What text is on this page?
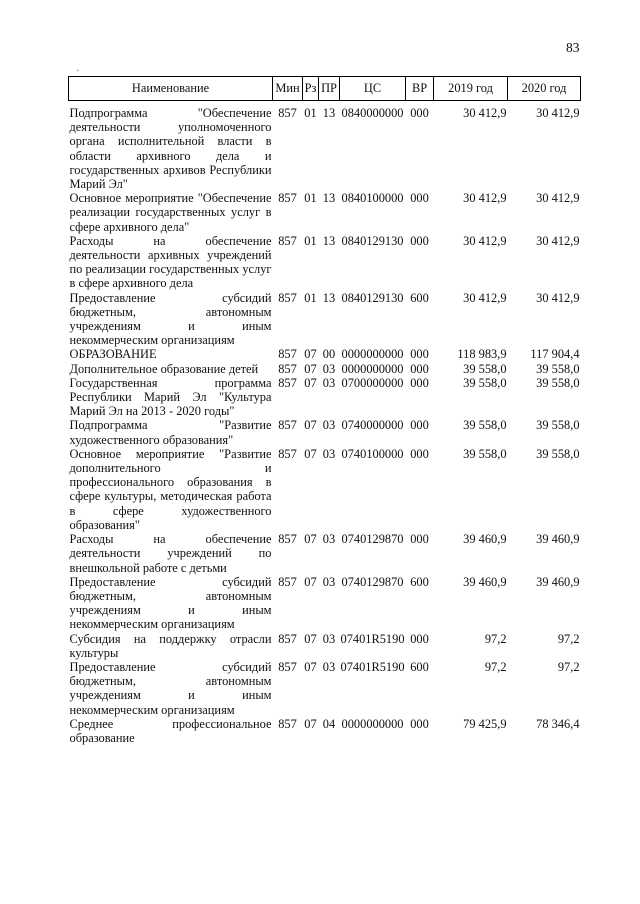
83
·
Наименование	Мин	Рз	ПР	ЦС	ВР	2019 год	2020 год
Подпрограмма "Обеспечение деятельности уполномоченного органа исполнительной власти в области архивного дела и государственных архивов Республики Марий Эл"	857	01	13	0840000000	000	30 412,9	30 412,9
Основное мероприятие "Обеспечение реализации государственных услуг в сфере архивного дела"	857	01	13	0840100000	000	30 412,9	30 412,9
Расходы на обеспечение деятельности архивных учреждений по реализации государственных услуг в сфере архивного дела	857	01	13	0840129130	000	30 412,9	30 412,9
Предоставление субсидий бюджетным, автономным учреждениям и иным некоммерческим организациям	857	01	13	0840129130	600	30 412,9	30 412,9
ОБРАЗОВАНИЕ	857	07	00	0000000000	000	118 983,9	117 904,4
Дополнительное образование детей	857	07	03	0000000000	000	39 558,0	39 558,0
Государственная программа Республики Марий Эл "Культура Марий Эл на 2013 - 2020 годы"	857	07	03	0700000000	000	39 558,0	39 558,0
Подпрограмма "Развитие художественного образования"	857	07	03	0740000000	000	39 558,0	39 558,0
Основное мероприятие "Развитие дополнительного и профессионального образования в сфере культуры, методическая работа в сфере художественного образования"	857	07	03	0740100000	000	39 558,0	39 558,0
Расходы на обеспечение деятельности учреждений по внешкольной работе с детьми	857	07	03	0740129870	000	39 460,9	39 460,9
Предоставление субсидий бюджетным, автономным учреждениям и иным некоммерческим организациям	857	07	03	0740129870	600	39 460,9	39 460,9
Субсидия на поддержку отрасли культуры	857	07	03	07401R5190	000	97,2	97,2
Предоставление субсидий бюджетным, автономным учреждениям и иным некоммерческим организациям	857	07	03	07401R5190	600	97,2	97,2
Среднее профессиональное образование	857	07	04	0000000000	000	79 425,9	78 346,4
